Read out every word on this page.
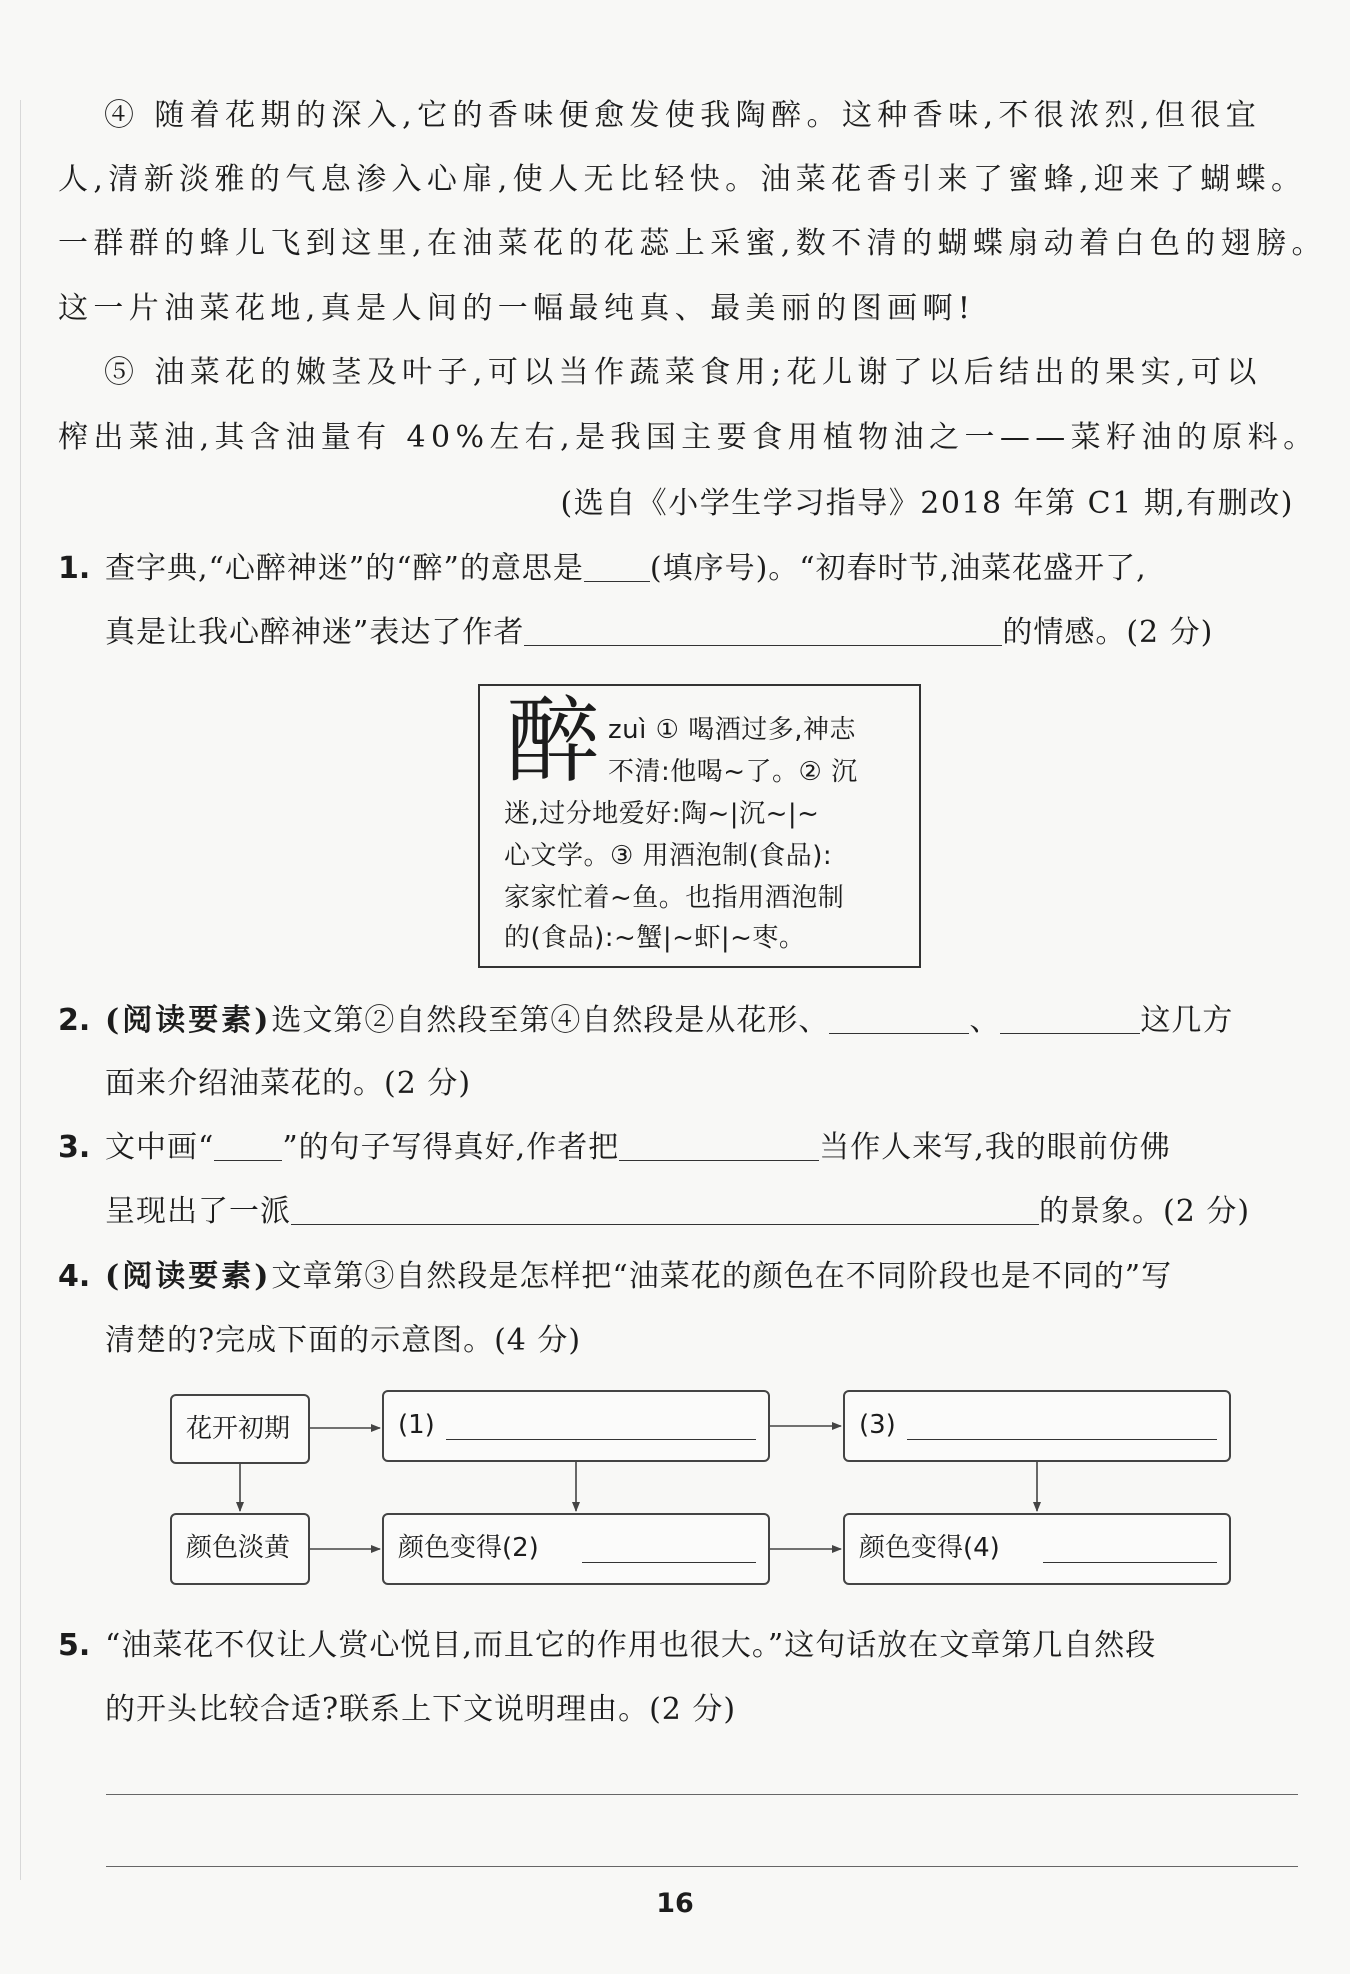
④ 随着花期的深入,它的香味便愈发使我陶醉。这种香味,不很浓烈,但很宜
人,清新淡雅的气息渗入心扉,使人无比轻快。油菜花香引来了蜜蜂,迎来了蝴蝶。
一群群的蜂儿飞到这里,在油菜花的花蕊上采蜜,数不清的蝴蝶扇动着白色的翅膀。
这一片油菜花地,真是人间的一幅最纯真、最美丽的图画啊!
⑤ 油菜花的嫩茎及叶子,可以当作蔬菜食用;花儿谢了以后结出的果实,可以
榨出菜油,其含油量有 40%左右,是我国主要食用植物油之一——菜籽油的原料。
(选自《小学生学习指导》2018 年第 C1 期,有删改)
1. 查字典,“心醉神迷”的“醉”的意思是 (填序号)。“初春时节,油菜花盛开了,
真是让我心醉神迷”表达了作者	的情感。(2 分)
醉 zuì ① 喝酒过多,神志
不清:他喝~了。② 沉
迷,过分地爱好:陶~|沉~|~
心文学。③ 用酒泡制(食品):
家家忙着~鱼。也指用酒泡制
的(食品):~蟹|~虾|~枣。
2. (阅读要素)选文第②自然段至第④自然段是从花形、	、	这几方
面来介绍油菜花的。(2 分)
3. 文中画“ ”的句子写得真好,作者把	当作人来写,我的眼前仿佛
呈现出了一派	的景象。(2 分)
4. (阅读要素)文章第③自然段是怎样把“油菜花的颜色在不同阶段也是不同的”写
清楚的?完成下面的示意图。(4 分)
花开初期	(1)	(3)
颜色淡黄	颜色变得(2)	颜色变得(4)
5. “油菜花不仅让人赏心悦目,而且它的作用也很大。”这句话放在文章第几自然段
的开头比较合适?联系上下文说明理由。(2 分)
16
